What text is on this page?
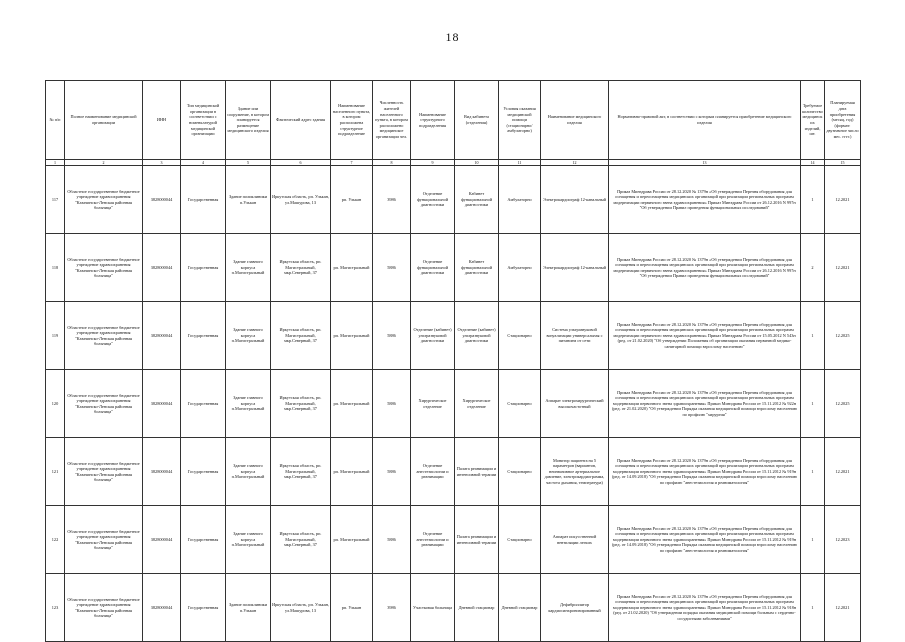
18
№ п/п	Полное наименование медицинской организации	ИНН	Тип медицинской организации в соответствии с номенклатурой медицинской организации	Здание или сооружение, в котором планируется размещение медицинского изделия	Фактический адрес здания	Наименование населенного пункта, в котором расположена структурное подразделение	Численность жителей населенного пункта, в котором расположено медицинское организации чел.	Наименование структурного подразделения	Вид кабинета (отделения)	Условия оказания медицинской помощи (стационарно/амбулаторно)	Наименование медицинского изделия	Нормативно-правовой акт, в соответствии с которым планируется приобретение медицинского изделия	Требуемое количество медицинских изделий, шт.	Планируемая дата приобретения (месяц, год) (формат: двузначное число мес. гггг.)
1	2	3	4	5	6	7	8	9	10	11	12	13	14	15
117	Областное государственное бюджетное учреждение здравоохранения "Казачинско-Ленская районная больница"	3828000044	Государственная	Здание поликлиники п.Улькан	Иркутская область, рп. Улькан, ул.Машурова, 13	рп. Улькан	3986	Отделение функциональной диагностики	Кабинет функциональной диагностики	Амбулаторно	Электрокардиограф 12-канальный	Приказ Минздрава России от 28.12.2020 № 1379н «Об утверждении Перечня оборудования для оснащения и переоснащения медицинских организаций при реализации региональных программ модернизации первичного звена здравоохранения» Приказ Минздрава России от 26.12.2016 N 997н "Об утверждении Правил проведения функциональных исследований"	1	12.2021
118	Областное государственное бюджетное учреждение здравоохранения "Казачинско-Ленская районная больница"	3828000044	Государственная	Здание главного корпуса п.Магистральный	Иркутская область, рп. Магистральный, мкр.Северный, 37	рп. Магистральный	5886	Отделение функциональной диагностики	Кабинет функциональной диагностики	Амбулаторно	Электрокардиограф 12-канальный	Приказ Минздрава России от 28.12.2020 № 1379н «Об утверждении Перечня оборудования для оснащения и переоснащения медицинских организаций при реализации региональных программ модернизации первичного звена здравоохранения» Приказ Минздрава России от 26.12.2016 N 997н "Об утверждении Правил проведения функциональных исследований"	2	12.2021
119	Областное государственное бюджетное учреждение здравоохранения "Казачинско-Ленская районная больница"	3828000044	Государственная	Здание главного корпуса п.Магистральный	Иркутская область, рп. Магистральный, мкр.Северный, 37	рп. Магистральный	5886	Отделение (кабинет) ультразвуковой диагностики	Отделение (кабинет) ультразвуковой диагностики	Стационарно	Система ультразвуковой визуализации универсальная с питанием от сети	Приказ Минздрава России от 28.12.2020 № 1379н «Об утверждении Перечня оборудования для оснащения и переоснащения медицинских организаций при реализации региональных программ модернизации первичного звена здравоохранения» Приказ Минздрава России от 15.05.2012 N 543н (ред. от 21.02.2020) "Об утверждении Положения об организации оказания первичной медико-санитарной помощи взрослому населению"	1	12.2025
120	Областное государственное бюджетное учреждение здравоохранения "Казачинско-Ленская районная больница"	3828000044	Государственная	Здание главного корпуса п.Магистральный	Иркутская область, рп. Магистральный, мкр.Северный, 37	рп. Магистральный	5886	Хирургическое отделение	Хирургическое отделение	Стационарно	Аппарат электрохирургический высокочастотный	Приказ Минздрава России от 28.12.2020 № 1379н «Об утверждении Перечня оборудования для оснащения и переоснащения медицинских организаций при реализации региональных программ модернизации первичного звена здравоохранения» Приказ Минздрава России от 15.11.2012 № 922н (ред. от 21.02.2020) "Об утверждении Порядка оказания медицинской помощи взрослому населению по профилю "хирургия"	1	12.2025
121	Областное государственное бюджетное учреждение здравоохранения "Казачинско-Ленская районная больница"	3828000044	Государственная	Здание главного корпуса п.Магистральный	Иркутская область, рп. Магистральный, мкр.Северный, 37	рп. Магистральный	5886	Отделение анестезиологии и реанимации	Палата реанимации и интенсивной терапии	Стационарно	Монитор пациента на 5 параметров (вариантов, неинвазивное артериальное давление, электрокардиограмма, частота дыхания, температура)	Приказ Минздрава России от 28.12.2020 № 1379н «Об утверждении Перечня оборудования для оснащения и переоснащения медицинских организаций при реализации региональных программ модернизации первичного звена здравоохранения» Приказ Минздрава России от 15.11.2012 № 919н (ред. от 14.09.2018) "Об утверждении Порядка оказания медицинской помощи взрослому населению по профилю "анестезиология и реаниматология"	1	12.2021
122	Областное государственное бюджетное учреждение здравоохранения "Казачинско-Ленская районная больница"	3828000044	Государственная	Здание главного корпуса п.Магистральный	Иркутская область, рп. Магистральный, мкр.Северный, 37	рп. Магистральный	5886	Отделение анестезиологии и реанимации	Палата реанимации и интенсивной терапии	Стационарно	Аппарат искусственной вентиляции легких	Приказ Минздрава России от 28.12.2020 № 1379н «Об утверждении Перечня оборудования для оснащения и переоснащения медицинских организаций при реализации региональных программ модернизации первичного звена здравоохранения» Приказ Минздрава России от 15.11.2012 № 919н (ред. от 14.09.2018) "Об утверждении Порядка оказания медицинской помощи взрослому населению по профилю "анестезиология и реаниматология"	1	12.2023
123	Областное государственное бюджетное учреждение здравоохранения "Казачинско-Ленская районная больница"	3828000044	Государственная	Здание поликлиники п.Улькан	Иркутская область, рп. Улькан, ул.Машурова, 13	рп. Улькан	3986	Участковая больница	Дневной стационар	Дневной стационар	Дефибриллятор кардиосинхронизированный	Приказ Минздрава России от 28.12.2020 № 1379н «Об утверждении Перечня оборудования для оснащения и переоснащения медицинских организаций при реализации региональных программ модернизации первичного звена здравоохранения» Приказ Минздрава России от 15.11.2012 № 918н (ред. от 21.02.2020) "Об утверждении порядка оказания медицинской помощи больным с сердечно-сосудистыми заболеваниями"	1	12.2021
